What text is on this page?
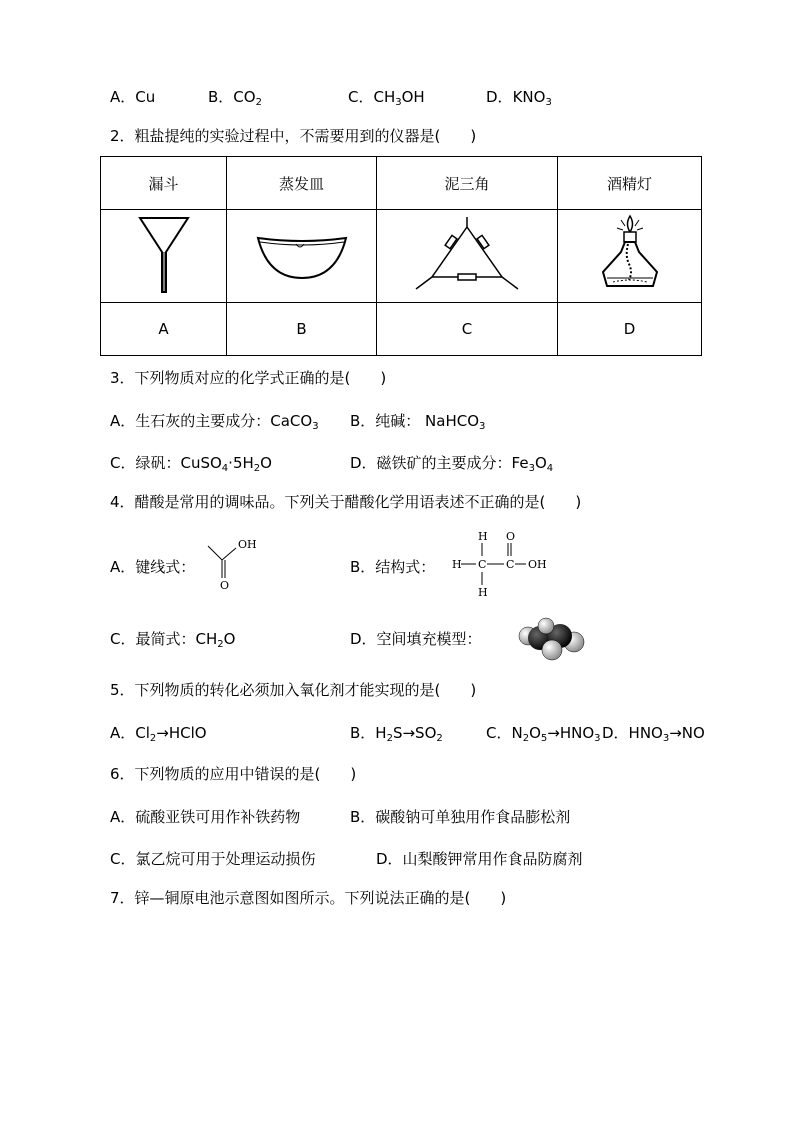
A．Cu	B．$CO_2$	C．$CH_3OH$	D．$KNO_3$
2．粗盐提纯的实验过程中，不需要用到的仪器是(　　)
漏斗	蒸发皿	泥三角	酒精灯

A	B	C	D
3．下列物质对应的化学式正确的是(　　)
A．生石灰的主要成分：CaCO$_3$ B．纯碱： NaHCO$_3$
C．绿矾：$CuSO_4\cdot 5H_2O$	D．磁铁矿的主要成分：$Fe_3O_4$
4．醋酸是常用的调味品。下列关于醋酸化学用语表述不正确的是(　　)
A．键线式：
OH
O
B．结构式：
H
H C C
O
OH
H
C．最简式：$CH_2O$	D．空间填充模型：
5．下列物质的转化必须加入氧化剂才能实现的是(　　)
A．$Cl_2\to HClO$	B．$H_2S\to SO_2$	C．$N_2O_5\to HNO_3$ D．$HNO_3\to NO$
6．下列物质的应用中错误的是(　　)
A．硫酸亚铁可用作补铁药物	B．碳酸钠可单独用作食品膨松剂
C．氯乙烷可用于处理运动损伤	D．山梨酸钾常用作食品防腐剂
7．锌—铜原电池示意图如图所示。下列说法正确的是(　　)
